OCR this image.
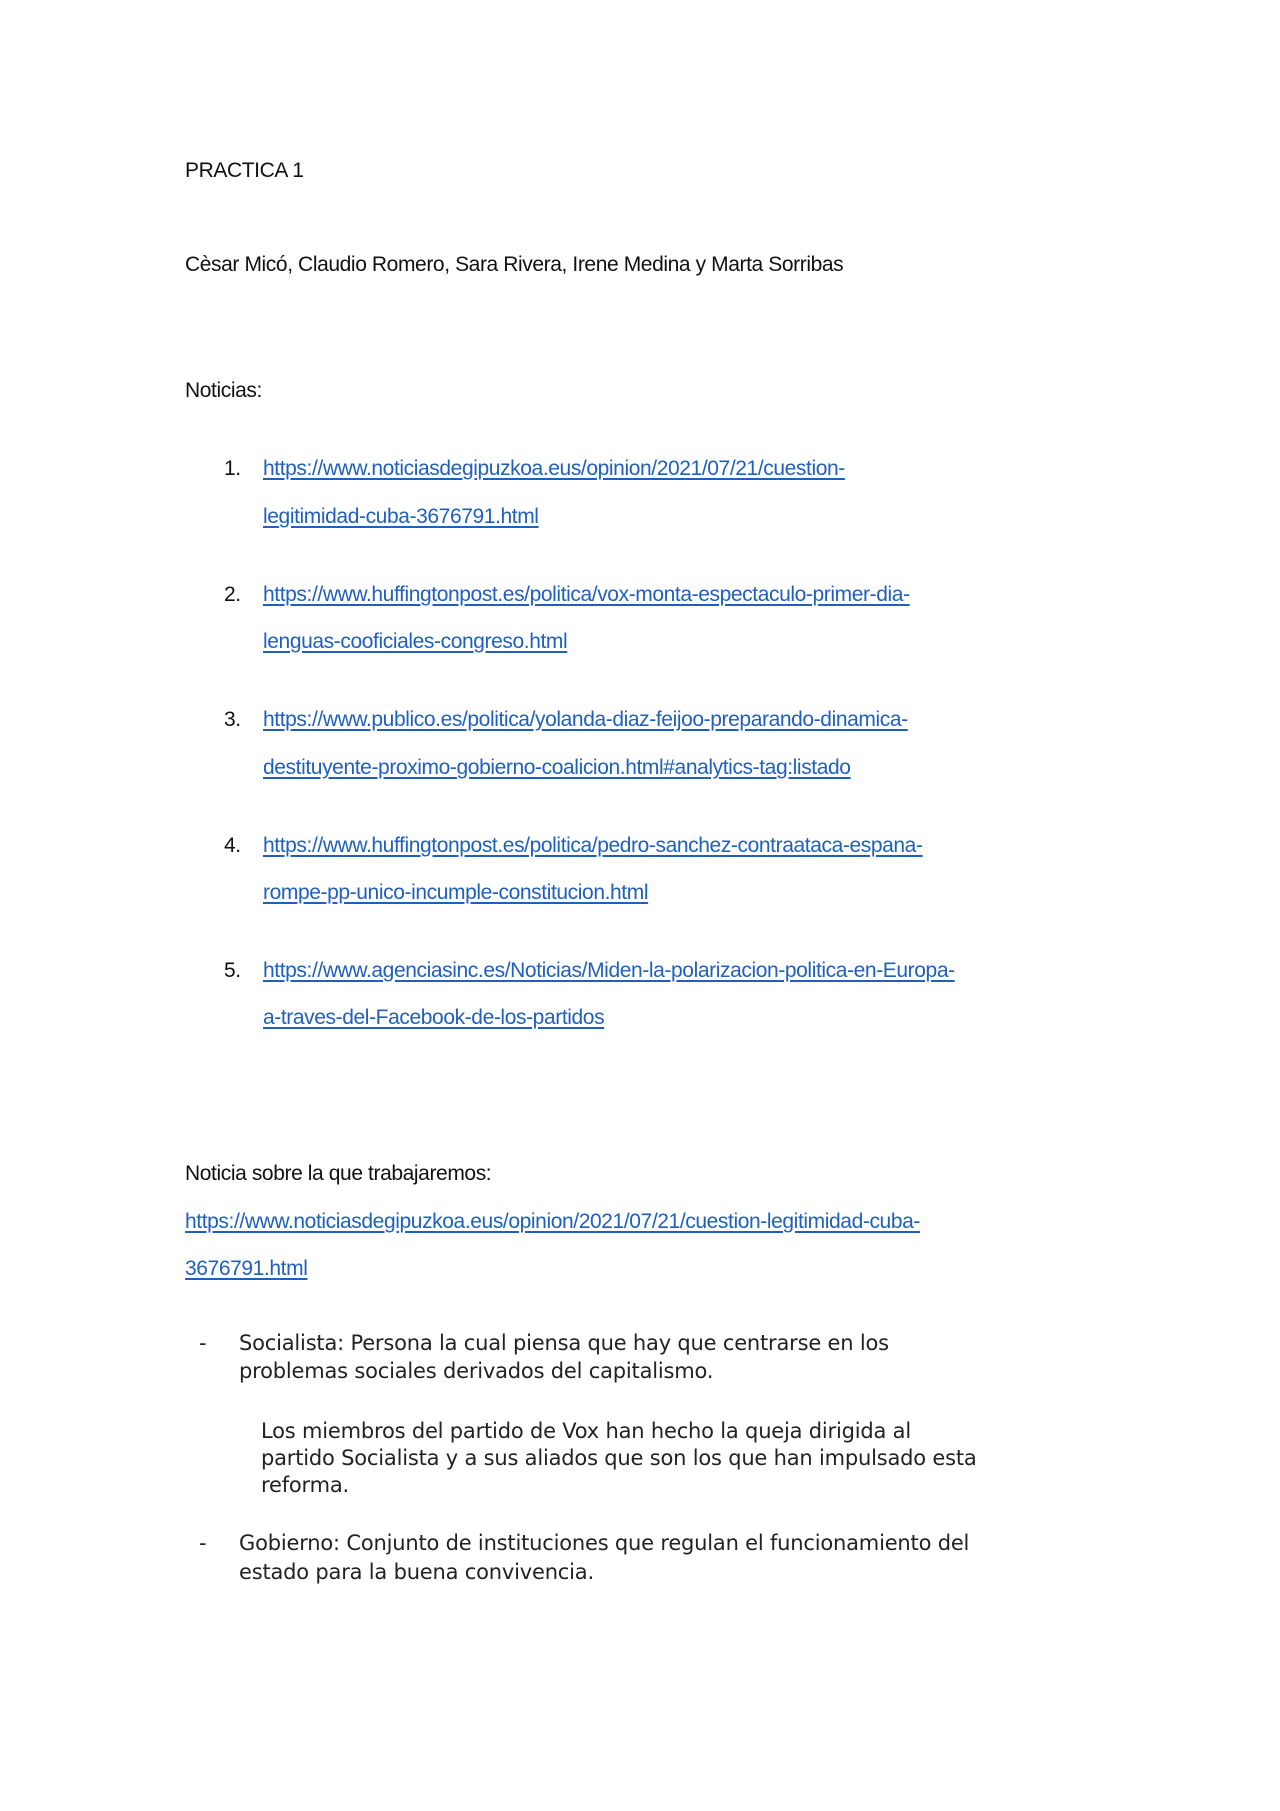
PRACTICA 1
Cèsar Micó, Claudio Romero, Sara Rivera, Irene Medina y Marta Sorribas
Noticias:
1. https://www.noticiasdegipuzkoa.eus/opinion/2021/07/21/cuestion-
legitimidad-cuba-3676791.html
2. https://www.huffingtonpost.es/politica/vox-monta-espectaculo-primer-dia-
lenguas-cooficiales-congreso.html
3. https://www.publico.es/politica/yolanda-diaz-feijoo-preparando-dinamica-
destituyente-proximo-gobierno-coalicion.html#analytics-tag:listado
4. https://www.huffingtonpost.es/politica/pedro-sanchez-contraataca-espana-
rompe-pp-unico-incumple-constitucion.html
5. https://www.agenciasinc.es/Noticias/Miden-la-polarizacion-politica-en-Europa-
a-traves-del-Facebook-de-los-partidos
Noticia sobre la que trabajaremos:
https://www.noticiasdegipuzkoa.eus/opinion/2021/07/21/cuestion-legitimidad-cuba-
3676791.html
- Socialista: Persona la cual piensa que hay que centrarse en los
problemas sociales derivados del capitalismo.
Los miembros del partido de Vox han hecho la queja dirigida al
partido Socialista y a sus aliados que son los que han impulsado esta
reforma.
- Gobierno: Conjunto de instituciones que regulan el funcionamiento del
estado para la buena convivencia.
